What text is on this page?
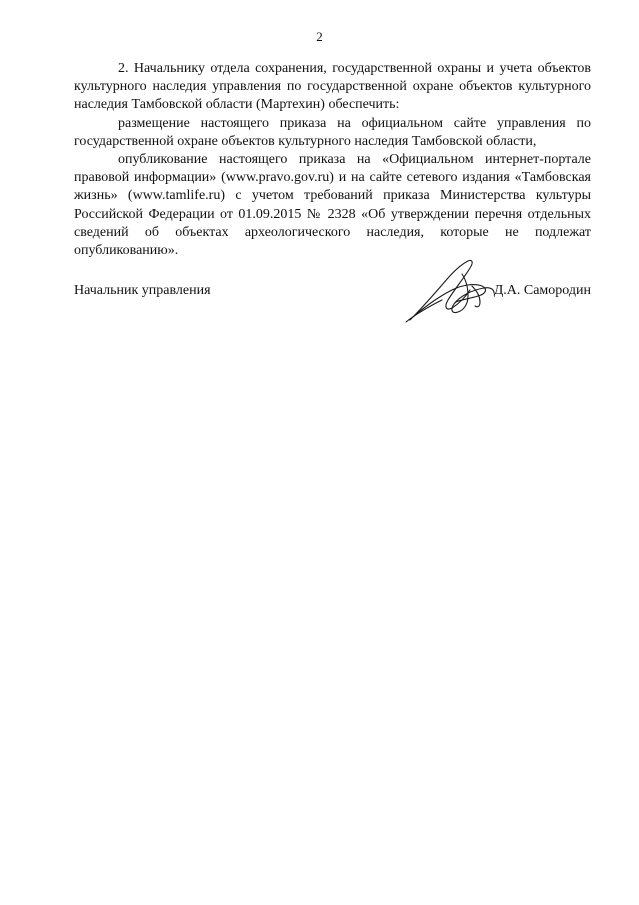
2

2. Начальнику отдела сохранения, государственной охраны и учета объектов культурного наследия управления по государственной охране объектов культурного наследия Тамбовской области (Мартехин) обеспечить:

размещение настоящего приказа на официальном сайте управления по государственной охране объектов культурного наследия Тамбовской области,

опубликование настоящего приказа на «Официальном интернет-портале правовой информации» (www.pravo.gov.ru) и на сайте сетевого издания «Тамбовская жизнь» (www.tamlife.ru) с учетом требований приказа Министерства культуры Российской Федерации от 01.09.2015 № 2328 «Об утверждении перечня отдельных сведений об объектах археологического наследия, которые не подлежат опубликованию».

Начальник управления	Д.А. Самородин
